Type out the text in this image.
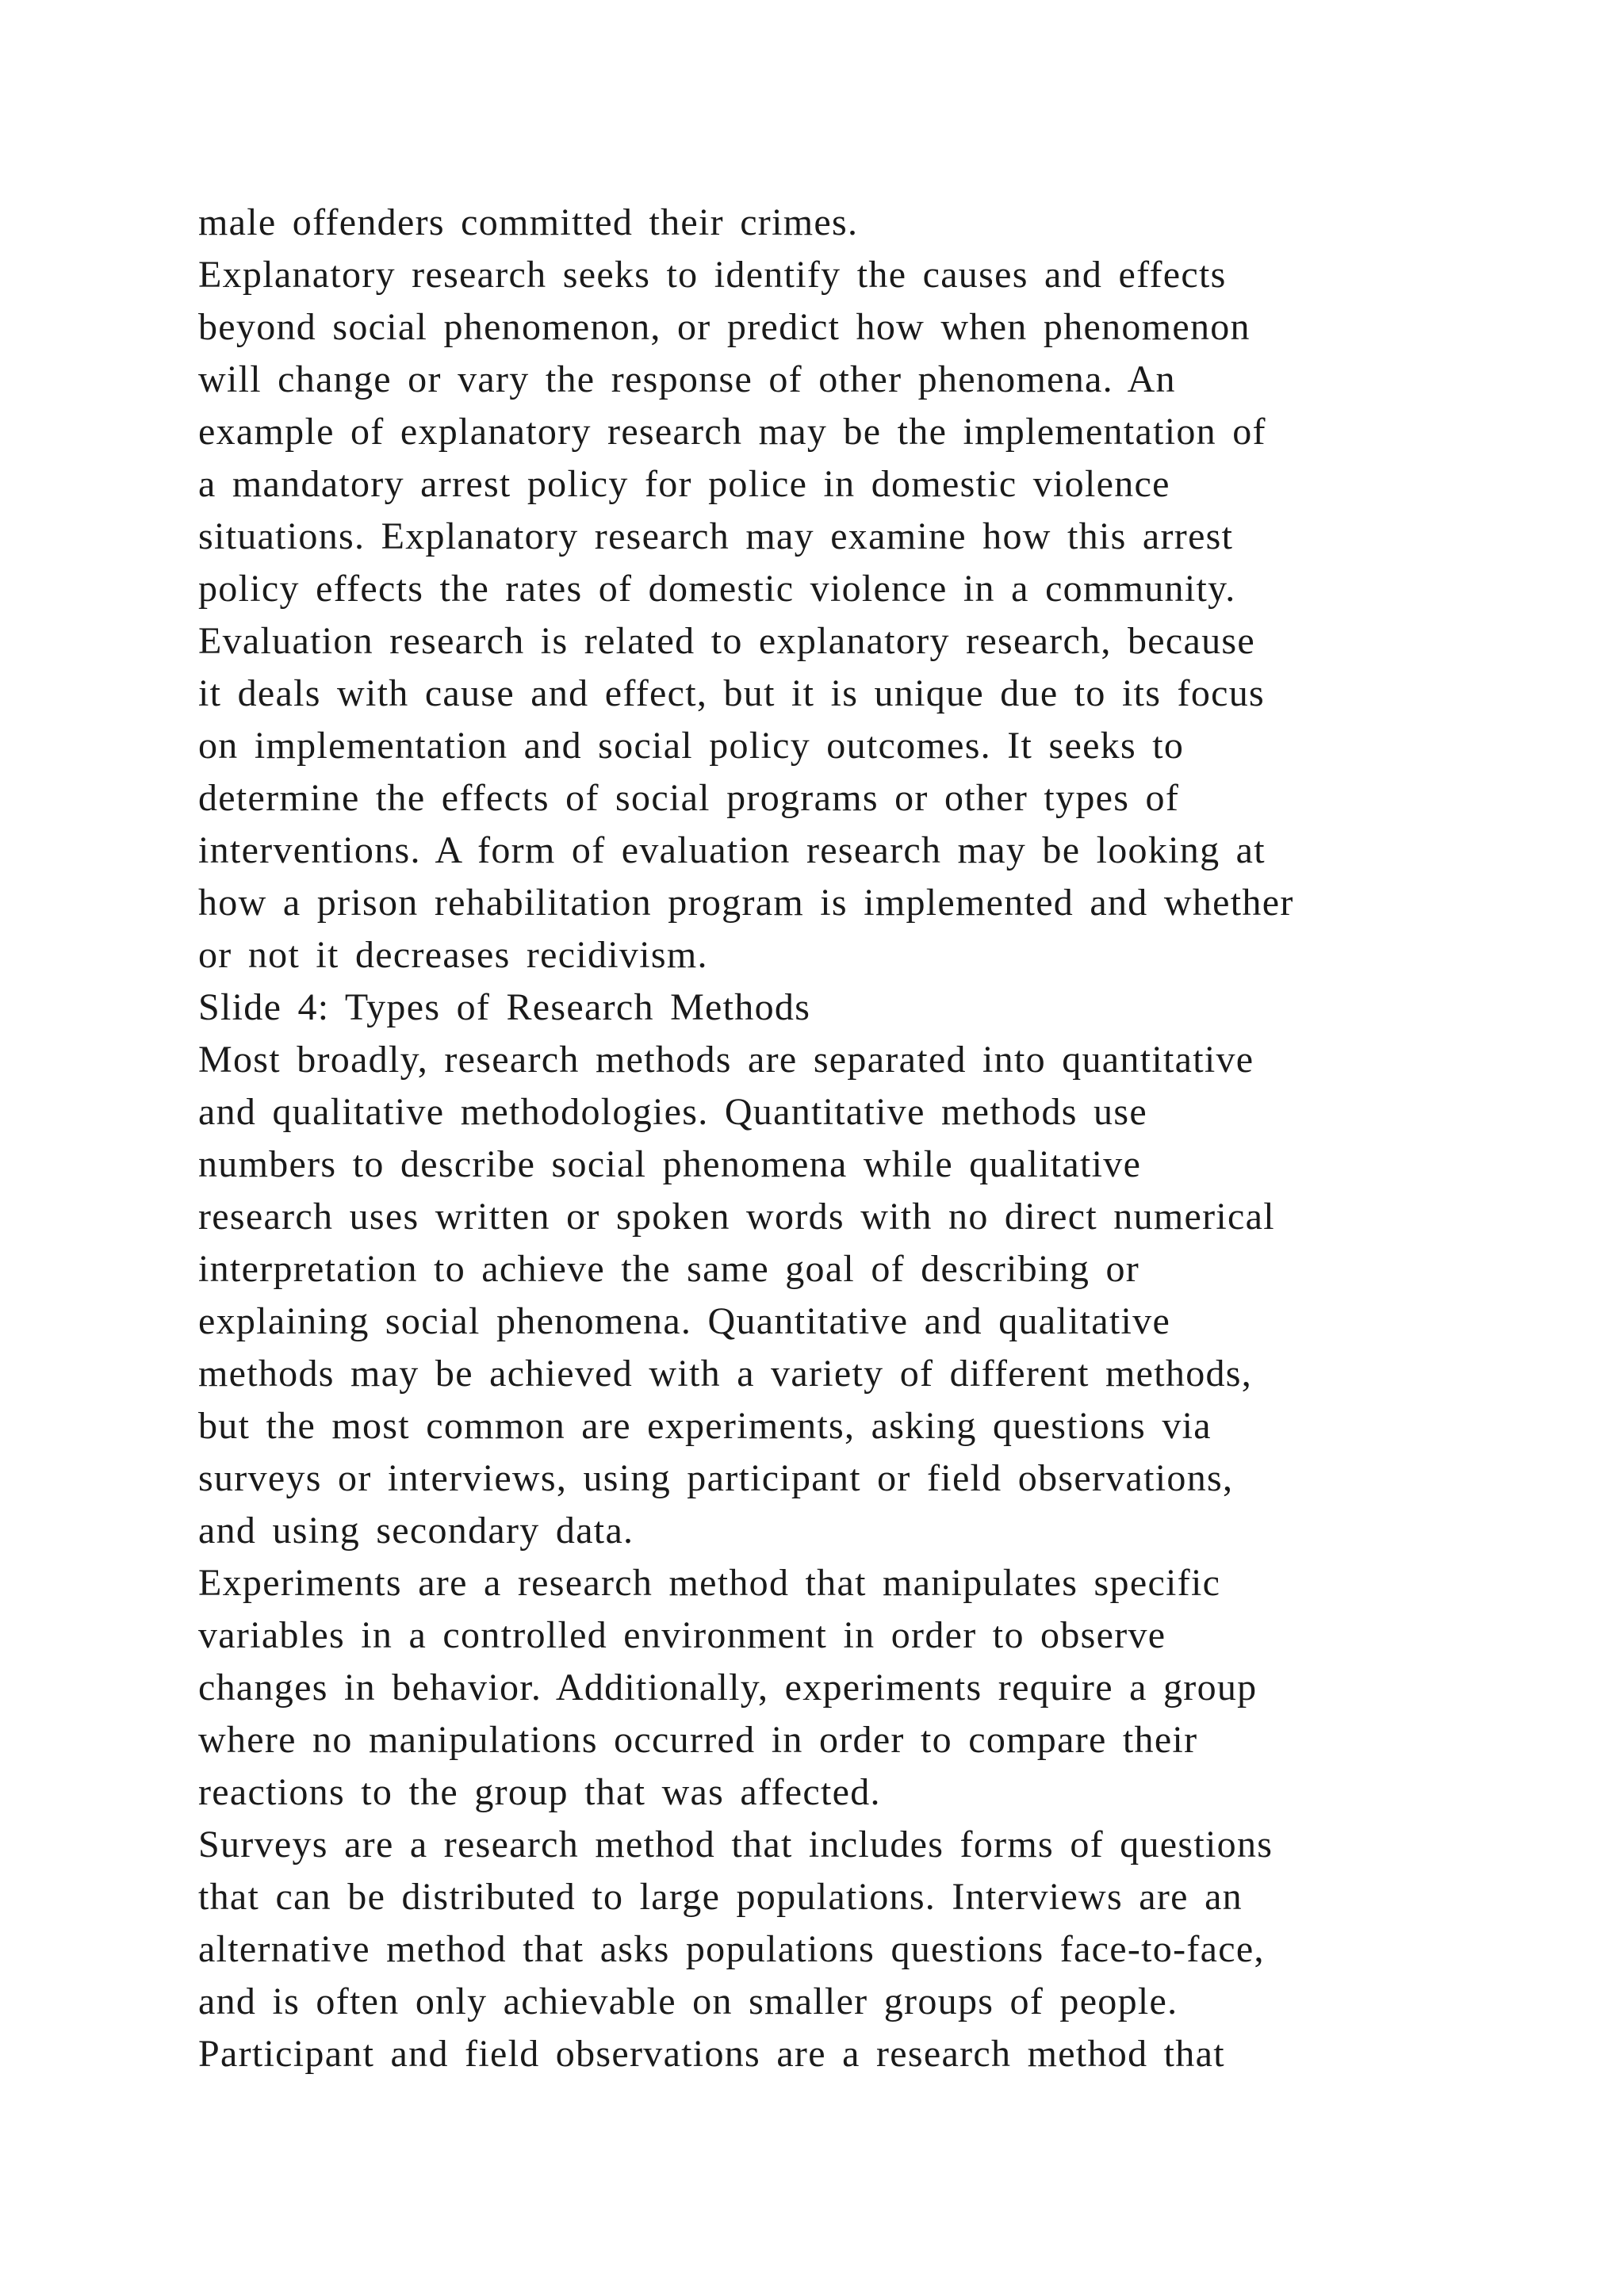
male offenders committed their crimes.
Explanatory research seeks to identify the causes and effects
beyond social phenomenon, or predict how when phenomenon
will change or vary the response of other phenomena. An
example of explanatory research may be the implementation of
a mandatory arrest policy for police in domestic violence
situations. Explanatory research may examine how this arrest
policy effects the rates of domestic violence in a community.
Evaluation research is related to explanatory research, because
it deals with cause and effect, but it is unique due to its focus
on implementation and social policy outcomes. It seeks to
determine the effects of social programs or other types of
interventions. A form of evaluation research may be looking at
how a prison rehabilitation program is implemented and whether
or not it decreases recidivism.
Slide 4: Types of Research Methods
Most broadly, research methods are separated into quantitative
and qualitative methodologies. Quantitative methods use
numbers to describe social phenomena while qualitative
research uses written or spoken words with no direct numerical
interpretation to achieve the same goal of describing or
explaining social phenomena. Quantitative and qualitative
methods may be achieved with a variety of different methods,
but the most common are experiments, asking questions via
surveys or interviews, using participant or field observations,
and using secondary data.
Experiments are a research method that manipulates specific
variables in a controlled environment in order to observe
changes in behavior. Additionally, experiments require a group
where no manipulations occurred in order to compare their
reactions to the group that was affected.
Surveys are a research method that includes forms of questions
that can be distributed to large populations. Interviews are an
alternative method that asks populations questions face-to-face,
and is often only achievable on smaller groups of people.
Participant and field observations are a research method that
